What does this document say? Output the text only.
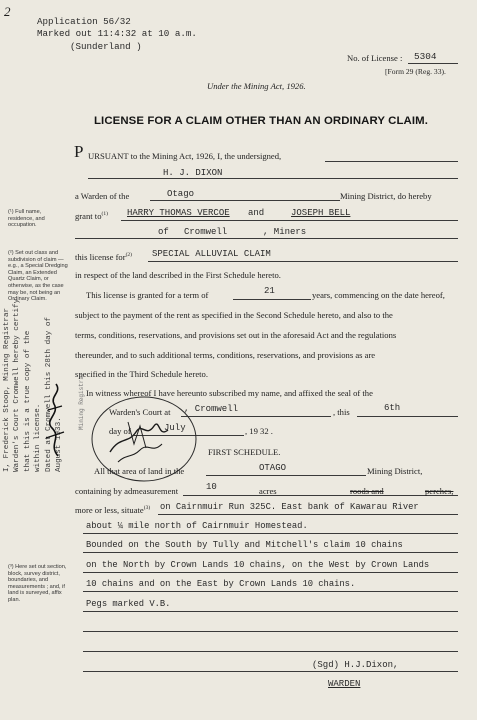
2
Application 56/32
Marked out 11:4:32 at 10 a.m.
(Sunderland )
No. of License : 5304
[Form 29 (Reg. 33).
Under the Mining Act, 1926.
LICENSE FOR A CLAIM OTHER THAN AN ORDINARY CLAIM.
P URSUANT to the Mining Act, 1926, I, the undersigned,
H. J. DIXON
a Warden of the	Otago	Mining District, do hereby
grant $to^{(1)}$ HARRY THOMAS VERCOE and	JOSEPH BELL
of Cromwell	, Miners
(¹) Full name, residence, and occupation.
(²) Set out class and subdivision of claim —e.g., a Special Dredging Claim, an Extended Quartz Claim, or otherwise, as the case may be, not being an Ordinary Claim.
(³) Here set out section, block, survey district, boundaries, and measurements ; and, if land is surveyed, affix plan.
this license for$^{(2)}$ SPECIAL ALLUVIAL CLAIM
in respect of the land described in the First Schedule hereto.
This license is granted for a term of	21	years, commencing on the date hereof,
subject to the payment of the rent as specified in the Second Schedule hereto, and also to the
terms, conditions, reservations, and provisions set out in the aforesaid Act and the regulations
thereunder, and to such additional terms, conditions, reservations, and provisions as are
specified in the Third Schedule hereto.
In witness whereof I have hereunto subscribed my name, and affixed the seal of the
Warden's Court at , Cromwell	, this	6th
day of	July	, 19 32 .
FIRST SCHEDULE.
All that area of land in the	OTAGO	Mining District,
containing by admeasurement	10	acres	roods and	perches,
more or less, situate$^{(3)}$ on Cairnmuir Run 325C. East bank of Kawarau River
about ¼ mile north of Cairnmuir Homestead.
Bounded on the South by Tully and Mitchell's claim 10 chains
on the North by Crown Lands 10 chains, on the West by Crown Lands
10 chains and on the East by Crown Lands 10 chains.
Pegs marked V.B.
(Sgd) H.J.Dixon,
WARDEN
I, Frederick Stoop, Mining Registrar Warden's Court Cromwell hereby certify that this is a true copy of the within license. Dated at Cromwell this 28th day of August 1933.
Mining Registrar
